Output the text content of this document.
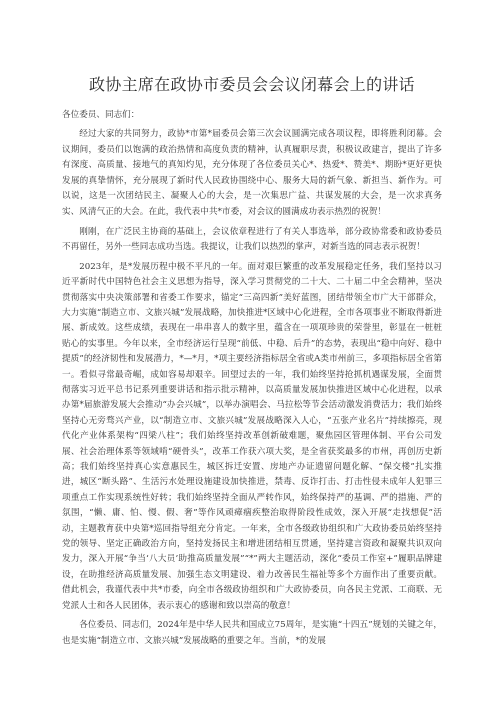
政协主席在政协市委员会会议闭幕会上的讲话

各位委员、同志们：

经过大家的共同努力，政协*市第*届委员会第三次会议圆满完成各项议程，即将胜利闭幕。会议期间，委员们以饱满的政治热情和高度负责的精神，认真履职尽责，积极议政建言，提出了许多有深度、高质量、接地气的真知灼见，充分体现了各位委员关心*、热爱*、赞美*、期盼*更好更快发展的真挚情怀，充分展现了新时代人民政协围绕中心、服务大局的新气象、新担当、新作为。可以说，这是一次团结民主、凝聚人心的大会，是一次集思广益、共谋发展的大会，是一次求真务实、风清气正的大会。在此，我代表中共*市委，对会议的圆满成功表示热烈的祝贺！

刚刚，在广泛民主协商的基础上，会议依章程进行了有关人事选举，部分政协常委和政协委员不再留任，另外一些同志成功当选。我提议，让我们以热烈的掌声，对新当选的同志表示祝贺！

2023年，是*发展历程中极不平凡的一年。面对艰巨繁重的改革发展稳定任务，我们坚持以习近平新时代中国特色社会主义思想为指导，深入学习贯彻党的二十大、二十届二中全会精神，坚决贯彻落实中央决策部署和省委工作要求，锚定“三高四新”美好蓝图，团结带领全市广大干部群众，大力实施“制造立市、文旅兴城”发展战略，加快推进*区域中心化进程，全市各项事业不断取得新进展、新成效。这些成绩，表现在一串串喜人的数字里，蕴含在一项项珍贵的荣誉里，彰显在一桩桩贴心的实事里。今年以来，全市经济运行呈现“前低、中稳、后升”的态势，表现出“稳中向好、稳中提质”的经济韧性和发展潜力，*—*月，*项主要经济指标居全省或A类市州前三，多项指标居全省第一。看似寻常最奇崛，成如容易却艰辛。回望过去的一年，我们始终坚持抢抓机遇谋发展，全面贯彻落实习近平总书记系列重要讲话和指示批示精神，以高质量发展加快推进区域中心化进程，以承办第*届旅游发展大会推动“办会兴城”，以举办演唱会、马拉松等节会活动激发消费活力；我们始终坚持心无旁骛兴产业，以“制造立市、文旅兴城”发展战略深入人心，“五张产业名片”持续擦亮，现代化产业体系架构“四梁八柱”；我们始终坚持改革创新破难题，聚焦园区管理体制、平台公司发展、社会治理体系等领域啃“硬骨头”，改革工作获六项大奖，是全省获奖最多的市州，再创历史新高；我们始终坚持真心实意惠民生，城区拆迁安置、房地产办证遗留问题化解、“保交楼”扎实推进，城区“断头路”、生活污水处理设施建设加快推进，禁毒、反诈打击、打击性侵未成年人犯罪三项重点工作实现系统性好转；我们始终坚持全面从严转作风，始终保持严的基调、严的措施、严的氛围，“懒、庸、怕、慢、假、奢”等作风顽瘴痼疾整治取得阶段性成效，深入开展“走找想促”活动，主题教育获中央第*巡回指导组充分肯定。一年来，全市各级政协组织和广大政协委员始终坚持党的领导、坚定正确政治方向，坚持发扬民主和增进团结相互贯通，坚持建言资政和凝聚共识双向发力，深入开展“争当‘八大员’助推高质量发展”“*”两大主题活动，深化“委员工作室+”履职品牌建设，在助推经济高质量发展、加强生态文明建设、着力改善民生福祉等多个方面作出了重要贡献。借此机会，我谨代表中共*市委，向全市各级政协组织和广大政协委员，向各民主党派、工商联、无党派人士和各人民团体，表示衷心的感谢和致以崇高的敬意！

各位委员、同志们，2024年是中华人民共和国成立75周年，是实施“十四五”规划的关键之年，也是实施“制造立市、文旅兴城”发展战略的重要之年。当前，*的发展
